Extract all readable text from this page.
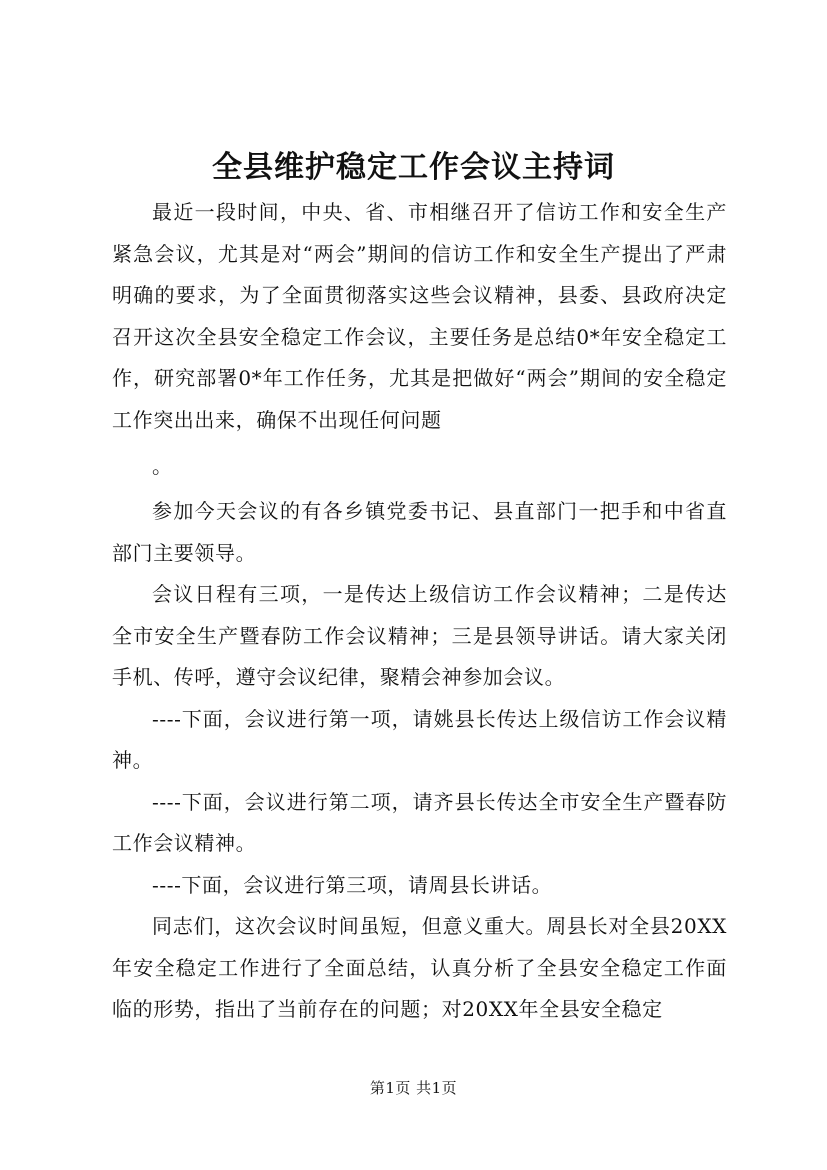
全县维护稳定工作会议主持词

最近一段时间，中央、省、市相继召开了信访工作和安全生产紧急会议，尤其是对“两会”期间的信访工作和安全生产提出了严肃明确的要求，为了全面贯彻落实这些会议精神，县委、县政府决定召开这次全县安全稳定工作会议，主要任务是总结0*年安全稳定工作，研究部署0*年工作任务，尤其是把做好“两会”期间的安全稳定工作突出出来，确保不出现任何问题

。

参加今天会议的有各乡镇党委书记、县直部门一把手和中省直部门主要领导。

会议日程有三项，一是传达上级信访工作会议精神；二是传达全市安全生产暨春防工作会议精神；三是县领导讲话。请大家关闭手机、传呼，遵守会议纪律，聚精会神参加会议。

----下面，会议进行第一项，请姚县长传达上级信访工作会议精神。

----下面，会议进行第二项，请齐县长传达全市安全生产暨春防工作会议精神。

----下面，会议进行第三项，请周县长讲话。

同志们，这次会议时间虽短，但意义重大。周县长对全县20XX年安全稳定工作进行了全面总结，认真分析了全县安全稳定工作面临的形势，指出了当前存在的问题；对20XX年全县安全稳定

第1页 共1页
